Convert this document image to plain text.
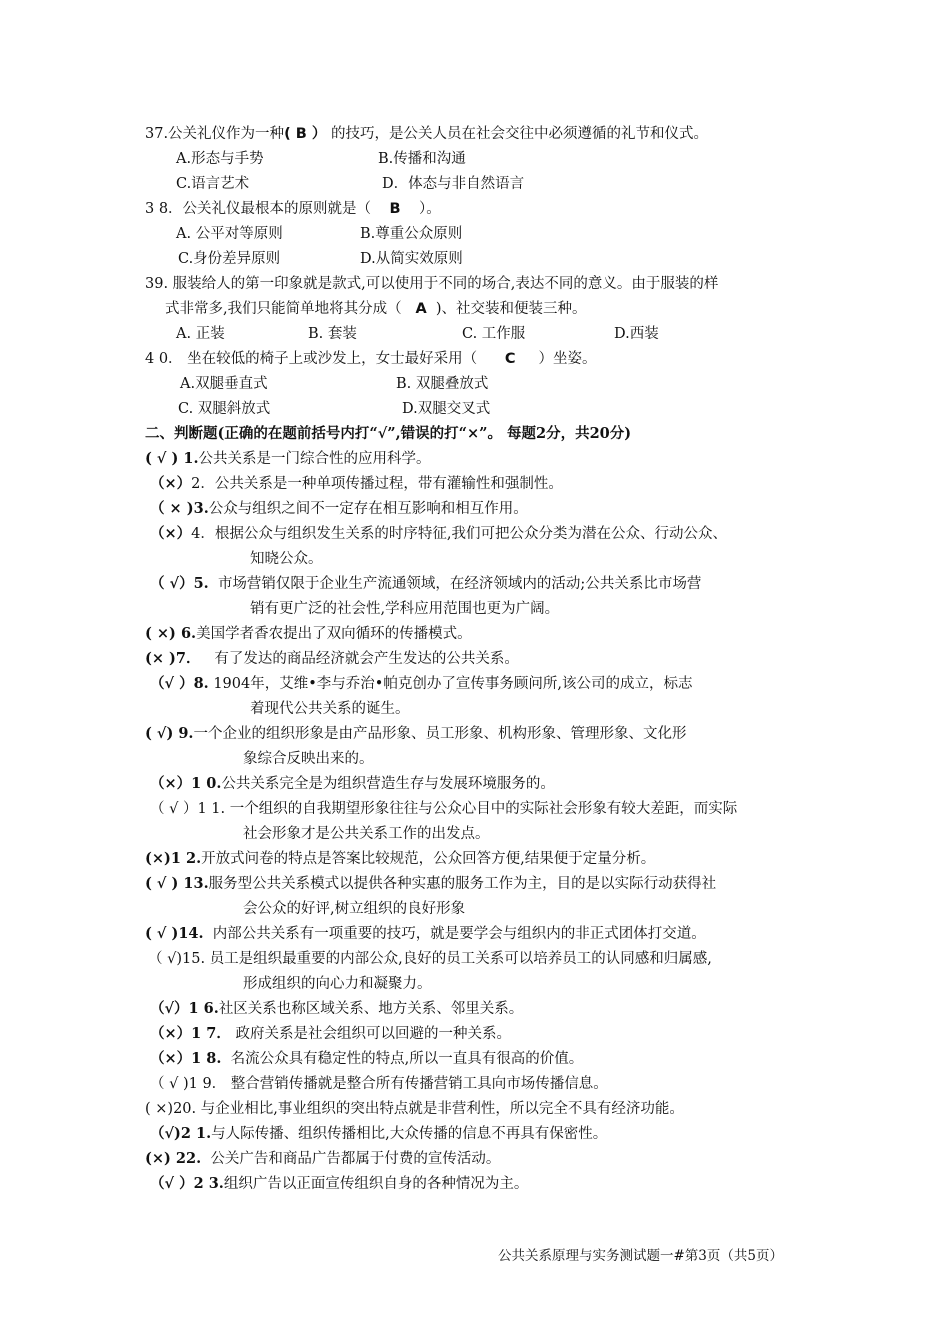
37.公关礼仪作为一种( B ） 的技巧，是公关人员在社会交往中必须遵循的礼节和仪式。
A.形态与手势	B.传播和沟通
C.语言艺术	D．体态与非自然语言
3 8．公关礼仪最根本的原则就是（ B ）。
A. 公平对等原则	B.尊重公众原则
C.身份差异原则	D.从简实效原则
39. 服装给人的第一印象就是款式,可以使用于不同的场合,表达不同的意义。由于服装的样
式非常多,我们只能简单地将其分成（ A )、社交装和便装三种。
A. 正装	B. 套装	C. 工作服	D.西装
4 0． 坐在较低的椅子上或沙发上，女士最好采用（ C ）坐姿。
A.双腿垂直式	B. 双腿叠放式
C. 双腿斜放式	D.双腿交叉式
二、判断题(正确的在题前括号内打“√”,错误的打“×”。 每题2分，共20分)
( √ ) 1.公共关系是一门综合性的应用科学。
（×）2．公共关系是一种单项传播过程，带有灌输性和强制性。
（ × )3.公众与组织之间不一定存在相互影响和相互作用。
（×）4．根据公众与组织发生关系的时序特征,我们可把公众分类为潜在公众、行动公众、
知晓公众。
（ √）5. 市场营销仅限于企业生产流通领域，在经济领域内的活动;公共关系比市场营
销有更广泛的社会性,学科应用范围也更为广阔。
( ×) 6.美国学者香农提出了双向循环的传播模式。
(× )7． 有了发达的商品经济就会产生发达的公共关系。
（√ ）8. 1904年，艾维•李与乔治•帕克创办了宣传事务顾问所,该公司的成立，标志
着现代公共关系的诞生。
( √) 9.一个企业的组织形象是由产品形象、员工形象、机构形象、管理形象、文化形
象综合反映出来的。
（×）1 0.公共关系完全是为组织营造生存与发展环境服务的。
（ √ ）1 1. 一个组织的自我期望形象往往与公众心目中的实际社会形象有较大差距，而实际
社会形象才是公共关系工作的出发点。
(×)1 2.开放式问卷的特点是答案比较规范，公众回答方便,结果便于定量分析。
( √ ) 13.服务型公共关系模式以提供各种实惠的服务工作为主，目的是以实际行动获得社
会公众的好评,树立组织的良好形象
( √ )14. 内部公共关系有一项重要的技巧，就是要学会与组织内的非正式团体打交道。
（ √)15. 员工是组织最重要的内部公众,良好的员工关系可以培养员工的认同感和归属感,
形成组织的向心力和凝聚力。
（√）1 6.社区关系也称区域关系、地方关系、邻里关系。
（×）1 7． 政府关系是社会组织可以回避的一种关系。
（×）1 8. 名流公众具有稳定性的特点,所以一直具有很高的价值。
（ √ )1 9． 整合营销传播就是整合所有传播营销工具向市场传播信息。
( ×)20. 与企业相比,事业组织的突出特点就是非营利性，所以完全不具有经济功能。
（√)2 1.与人际传播、组织传播相比,大众传播的信息不再具有保密性。
(×) 22. 公关广告和商品广告都属于付费的宣传活动。
（√ ）2 3.组织广告以正面宣传组织自身的各种情况为主。
公共关系原理与实务测试题一#第3页（共5页）
